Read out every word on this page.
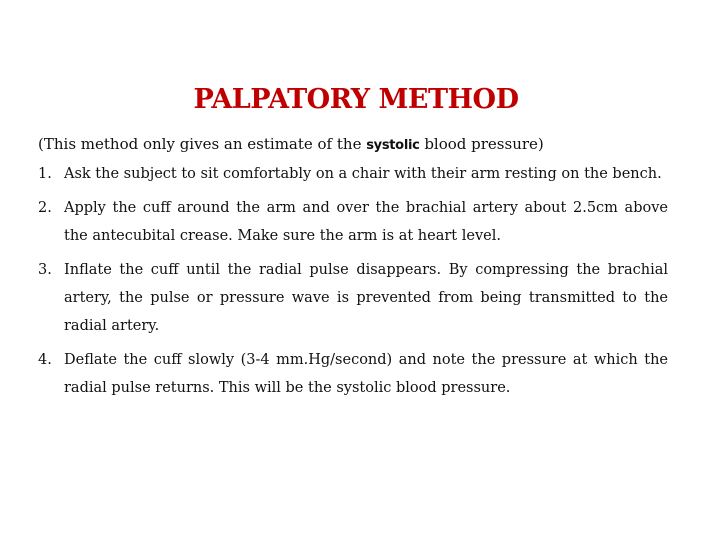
PALPATORY METHOD

(This method only gives an estimate of the systolic blood pressure)

1. Ask the subject to sit comfortably on a chair with their arm resting on the bench.
2. Apply the cuff around the arm and over the brachial artery about 2.5cm above the antecubital crease. Make sure the arm is at heart level.
3. Inflate the cuff until the radial pulse disappears. By compressing the brachial artery, the pulse or pressure wave is prevented from being transmitted to the radial artery.
4. Deflate the cuff slowly (3-4 mm.Hg/second) and note the pressure at which the radial pulse returns. This will be the systolic blood pressure.
